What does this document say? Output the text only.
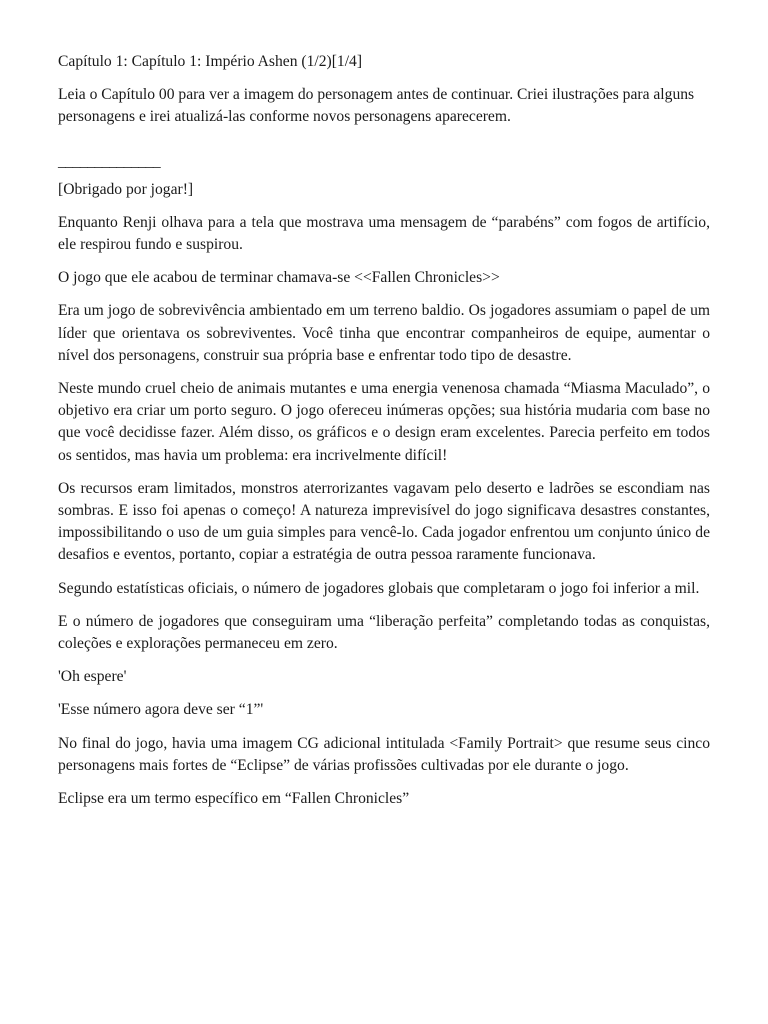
Capítulo 1: Capítulo 1: Império Ashen (1/2)[1/4]

Leia o Capítulo 00 para ver a imagem do personagem antes de continuar. Criei ilustrações para alguns personagens e irei atualizá-las conforme novos personagens aparecerem.

______________

[Obrigado por jogar!]

Enquanto Renji olhava para a tela que mostrava uma mensagem de “parabéns” com fogos de artifício, ele respirou fundo e suspirou.

O jogo que ele acabou de terminar chamava-se <<Fallen Chronicles>>

Era um jogo de sobrevivência ambientado em um terreno baldio. Os jogadores assumiam o papel de um líder que orientava os sobreviventes. Você tinha que encontrar companheiros de equipe, aumentar o nível dos personagens, construir sua própria base e enfrentar todo tipo de desastre.

Neste mundo cruel cheio de animais mutantes e uma energia venenosa chamada “Miasma Maculado”, o objetivo era criar um porto seguro. O jogo ofereceu inúmeras opções; sua história mudaria com base no que você decidisse fazer. Além disso, os gráficos e o design eram excelentes. Parecia perfeito em todos os sentidos, mas havia um problema: era incrivelmente difícil!

Os recursos eram limitados, monstros aterrorizantes vagavam pelo deserto e ladrões se escondiam nas sombras. E isso foi apenas o começo! A natureza imprevisível do jogo significava desastres constantes, impossibilitando o uso de um guia simples para vencê-lo. Cada jogador enfrentou um conjunto único de desafios e eventos, portanto, copiar a estratégia de outra pessoa raramente funcionava.

Segundo estatísticas oficiais, o número de jogadores globais que completaram o jogo foi inferior a mil.

E o número de jogadores que conseguiram uma “liberação perfeita” completando todas as conquistas, coleções e explorações permaneceu em zero.

'Oh espere'

'Esse número agora deve ser “1”'

No final do jogo, havia uma imagem CG adicional intitulada <Family Portrait> que resume seus cinco personagens mais fortes de “Eclipse” de várias profissões cultivadas por ele durante o jogo.

Eclipse era um termo específico em “Fallen Chronicles”
